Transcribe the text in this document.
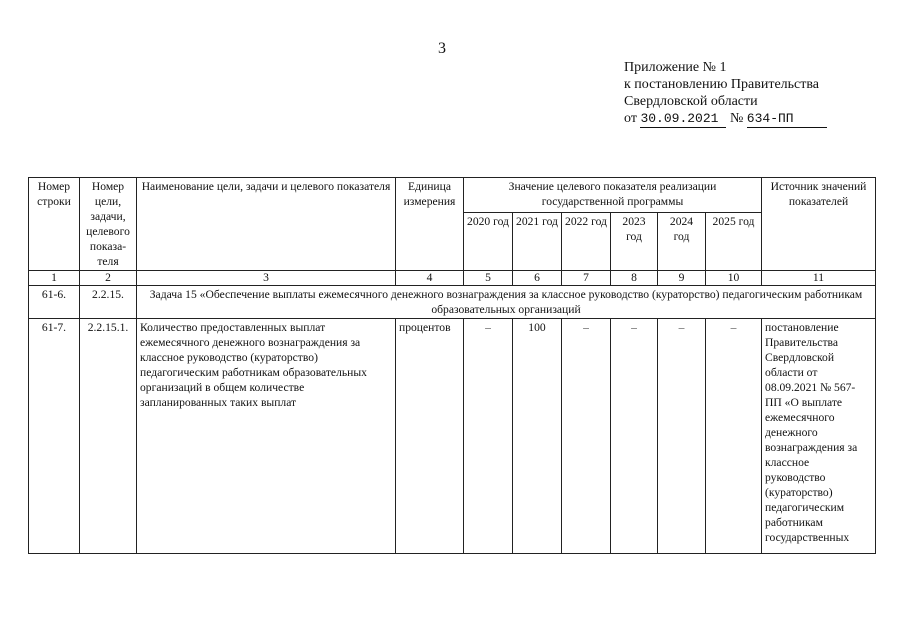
3
Приложение № 1
к постановлению Правительства
Свердловской области
от 30.09.2021 № 634-ПП
Номер строки	Номер цели, задачи, целевого показа-теля	Наименование цели, задачи и целевого показателя	Единица измерения	Значение целевого показателя реализации государственной программы						Источник значений показателей
				2020 год	2021 год	2022 год	2023 год	2024 год	2025 год	
1	2	3	4	5	6	7	8	9	10	11
61-6.	2.2.15.	Задача 15 «Обеспечение выплаты ежемесячного денежного вознаграждения за классное руководство (кураторство) педагогическим работникам образовательных организаций								
61-7.	2.2.15.1.	Количество предоставленных выплат ежемесячного денежного вознаграждения за классное руководство (кураторство) педагогическим работникам образовательных организаций в общем количестве запланированных таких выплат	процентов	–	100	–	–	–	–	постановление Правительства Свердловской области от 08.09.2021 № 567-ПП «О выплате ежемесячного денежного вознаграждения за классное руководство (кураторство) педагогическим работникам государственных
